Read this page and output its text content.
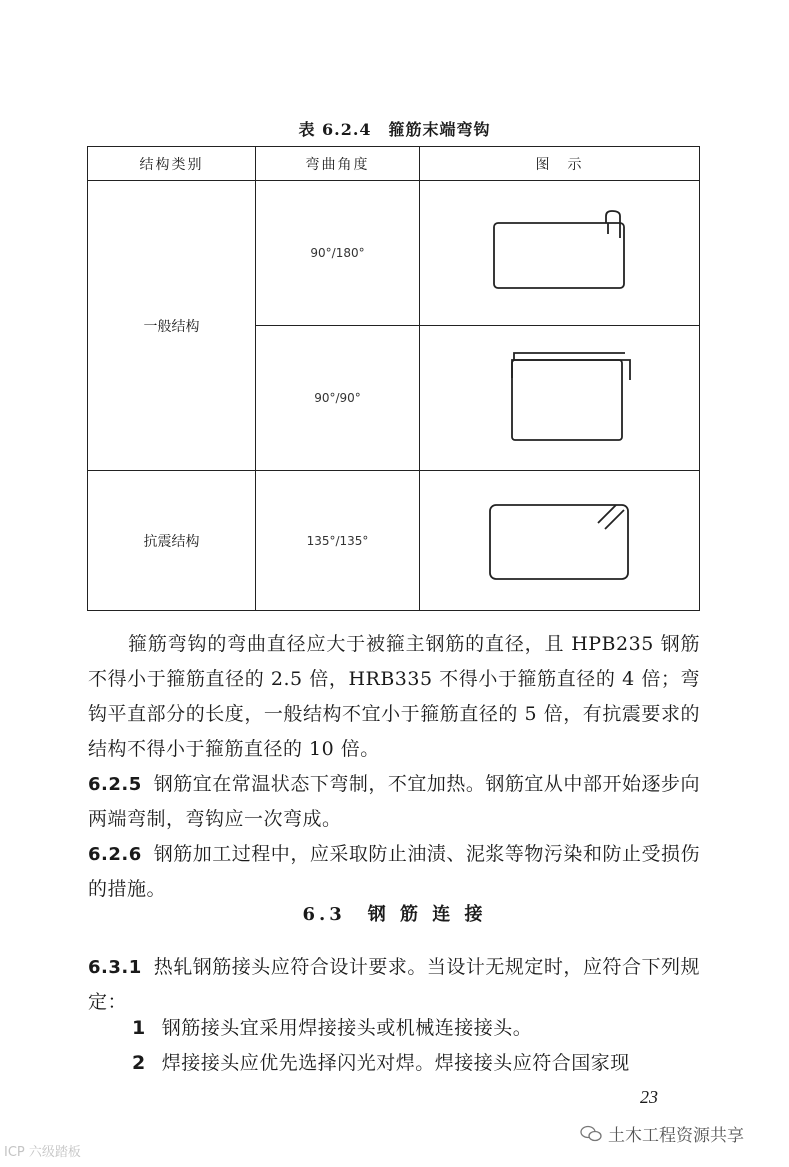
表 6.2.4　箍筋末端弯钩
结构类别	弯曲角度	图　示
一般结构	90°/180°	

	90°/90°	

抗震结构	135°/135°	
箍筋弯钩的弯曲直径应大于被箍主钢筋的直径，且 HPB235 钢筋不得小于箍筋直径的 2.5 倍，HRB335 不得小于箍筋直径的 4 倍；弯钩平直部分的长度，一般结构不宜小于箍筋直径的 5 倍，有抗震要求的结构不得小于箍筋直径的 10 倍。
6.2.5 钢筋宜在常温状态下弯制，不宜加热。钢筋宜从中部开始逐步向两端弯制，弯钩应一次弯成。
6.2.6 钢筋加工过程中，应采取防止油渍、泥浆等物污染和防止受损伤的措施。
6.3　钢 筋 连 接
6.3.1 热轧钢筋接头应符合设计要求。当设计无规定时，应符合下列规定：
1 钢筋接头宜采用焊接接头或机械连接接头。
2 焊接接头应优先选择闪光对焊。焊接接头应符合国家现
23
ICP 六级踏板
土木工程资源共享
